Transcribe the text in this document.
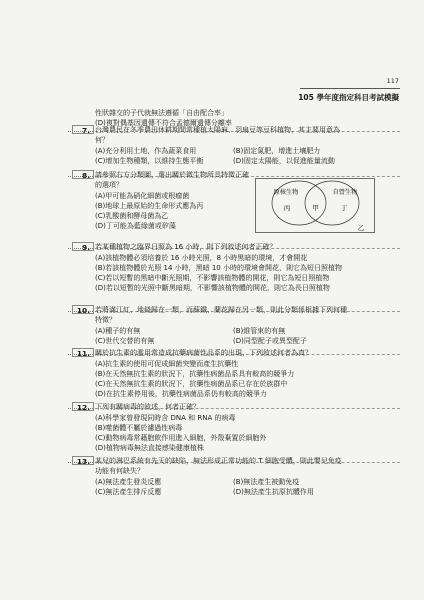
117
105 學年度指定科目考試模擬
性狀雜交的子代就無法遵循「自由配合率」
(D)複對偶基因遺傳不符合孟德爾遺傳分離率
7. 台灣農民在冬季農田休耕期間常種植太陽麻、羽扇豆等豆科植物，其主要用意為
何？
(A)充分利用土地，作為蔬菜食用	(B)固定氮肥，增進土壤肥力
(C)增加生物種類，以維持生態平衡	(D)固定太陽能，以促進能量流動
8. 請參照右方分類圖，選出關於微生物所具特徵正確
的選項？
(A)甲可能為硝化細菌或根瘤菌
(B)地球上最原始的生命形式應為丙
(C)乳酸菌和酵母菌為乙
(D)丁可能為藍綠菌或矽藻
原核生物	自營生物
丙	甲	丁
乙
9. 若某種植物之臨界日照為 16 小時，則下列敘述何者正確？
(A)該植物體必須培養於 16 小時光照，8 小時黑暗的環境，才會開花
(B)若該植物體於光照 14 小時，黑暗 10 小時的環境會開花，則它為短日照植物
(C)若以短暫的黑暗中斷光照期，不影響該植物體的開花，則它為短日照植物
(D)若以短暫的光照中斷黑暗期，不影響該植物體的開花，則它為長日照植物
10. 若將滿江紅、地錢歸在一類，而蘇鐵、蘭花歸在另一類，則此分類係根據下列何種
特徵？
(A)種子的有無	(B)維管束的有無
(C)世代交替的有無	(D)同型配子或異型配子
11. 關於抗生素的濫用常造成抗藥病菌性品系的出現，下列敘述何者為真？
(A)抗生素的使用可促成細菌突變而產生抗藥性
(B)在天然無抗生素的狀況下，抗藥性病菌品系具有較高的競爭力
(C)在天然無抗生素的狀況下，抗藥性病菌品系已存在於族群中
(D)在抗生素停用後，抗藥性病菌品系仍有較高的競爭力
12. 下列有關病毒的敘述，何者正確？
(A)科學家曾發現同時含 DNA 和 RNA 的病毒
(B)噬菌體不屬於濾過性病毒
(C)動物病毒常藉胞飲作用進入細胞，外殼棄置於細胞外
(D)植物病毒無法直接感染健康植株
13. 某兒的淋巴系統有先天的缺陷，無法形成正常功能的 T 細胞受體，則此嬰兒免疫
功能有何缺失？
(A)無法產生發炎反應	(B)無法產生被動免疫
(C)無法產生排斥反應	(D)無法產生抗原抗體作用
